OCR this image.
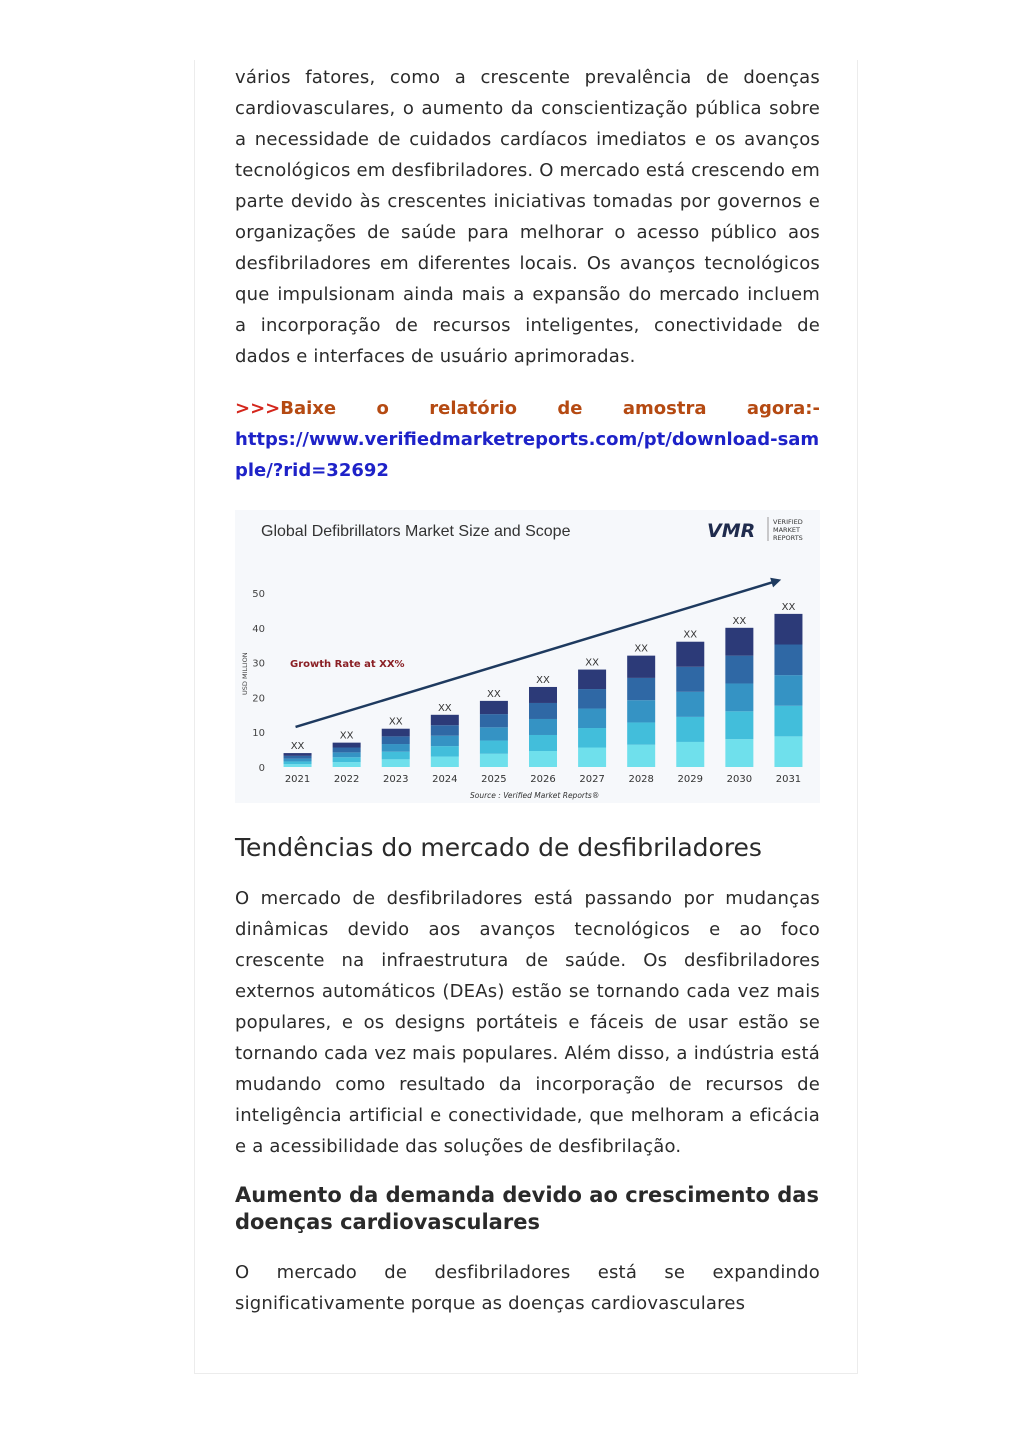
vários fatores, como a crescente prevalência de doenças cardiovasculares, o aumento da conscientização pública sobre a necessidade de cuidados cardíacos imediatos e os avanços tecnológicos em desfibriladores. O mercado está crescendo em parte devido às crescentes iniciativas tomadas por governos e organizações de saúde para melhorar o acesso público aos desfibriladores em diferentes locais. Os avanços tecnológicos que impulsionam ainda mais a expansão do mercado incluem a incorporação de recursos inteligentes, conectividade de dados e interfaces de usuário aprimoradas.

>>>Baixe o relatório de amostra agora:-
https://www.verifiedmarketreports.com/pt/download-sample/?rid=32692
Global Defibrillators Market Size and Scope	VMR	VERIFIED
MARKET
REPORTS
USD MILLION	Growth Rate at XX%
Source : Verified Market Reports®
0
10
20
30
40
50
2021 2022 2023 2024 2025 2026 2027 2028 2029 2030 2031
XX
XX
XX
XX
XX
XX
XX
XX
XX
XX
XX
Tendências do mercado de desfibriladores

O mercado de desfibriladores está passando por mudanças dinâmicas devido aos avanços tecnológicos e ao foco crescente na infraestrutura de saúde. Os desfibriladores externos automáticos (DEAs) estão se tornando cada vez mais populares, e os designs portáteis e fáceis de usar estão se tornando cada vez mais populares. Além disso, a indústria está mudando como resultado da incorporação de recursos de inteligência artificial e conectividade, que melhoram a eficácia e a acessibilidade das soluções de desfibrilação.

Aumento da demanda devido ao crescimento das doenças cardiovasculares

O mercado de desfibriladores está se expandindo significativamente porque as doenças cardiovasculares
